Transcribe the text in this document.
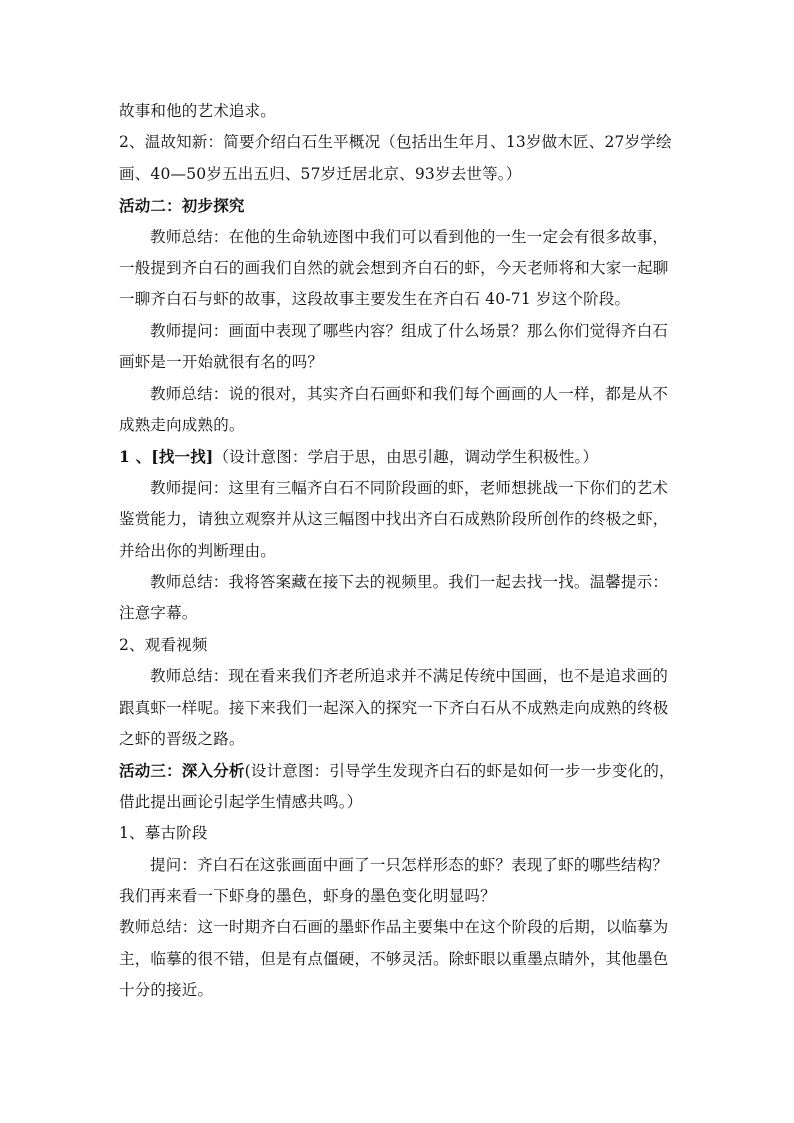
故事和他的艺术追求。
2、温故知新：简要介绍白石生平概况（包括出生年月、13岁做木匠、27岁学绘
画、40—50岁五出五归、57岁迁居北京、93岁去世等。）
活动二：初步探究
教师总结：在他的生命轨迹图中我们可以看到他的一生一定会有很多故事，
一般提到齐白石的画我们自然的就会想到齐白石的虾，今天老师将和大家一起聊
一聊齐白石与虾的故事，这段故事主要发生在齐白石 40-71 岁这个阶段。
教师提问：画面中表现了哪些内容？组成了什么场景？那么你们觉得齐白石
画虾是一开始就很有名的吗？
教师总结：说的很对，其实齐白石画虾和我们每个画画的人一样，都是从不
成熟走向成熟的。
1 、[找一找]（设计意图：学启于思，由思引趣，调动学生积极性。）
教师提问：这里有三幅齐白石不同阶段画的虾，老师想挑战一下你们的艺术
鉴赏能力，请独立观察并从这三幅图中找出齐白石成熟阶段所创作的终极之虾，
并给出你的判断理由。
教师总结：我将答案藏在接下去的视频里。我们一起去找一找。温馨提示：
注意字幕。
2、观看视频
教师总结：现在看来我们齐老所追求并不满足传统中国画，也不是追求画的
跟真虾一样呢。接下来我们一起深入的探究一下齐白石从不成熟走向成熟的终极
之虾的晋级之路。
活动三：深入分析(设计意图：引导学生发现齐白石的虾是如何一步一步变化的，
借此提出画论引起学生情感共鸣。）
1、摹古阶段
提问：齐白石在这张画面中画了一只怎样形态的虾？表现了虾的哪些结构？
我们再来看一下虾身的墨色，虾身的墨色变化明显吗？
教师总结：这一时期齐白石画的墨虾作品主要集中在这个阶段的后期，以临摹为
主，临摹的很不错，但是有点僵硬，不够灵活。除虾眼以重墨点睛外，其他墨色
十分的接近。
